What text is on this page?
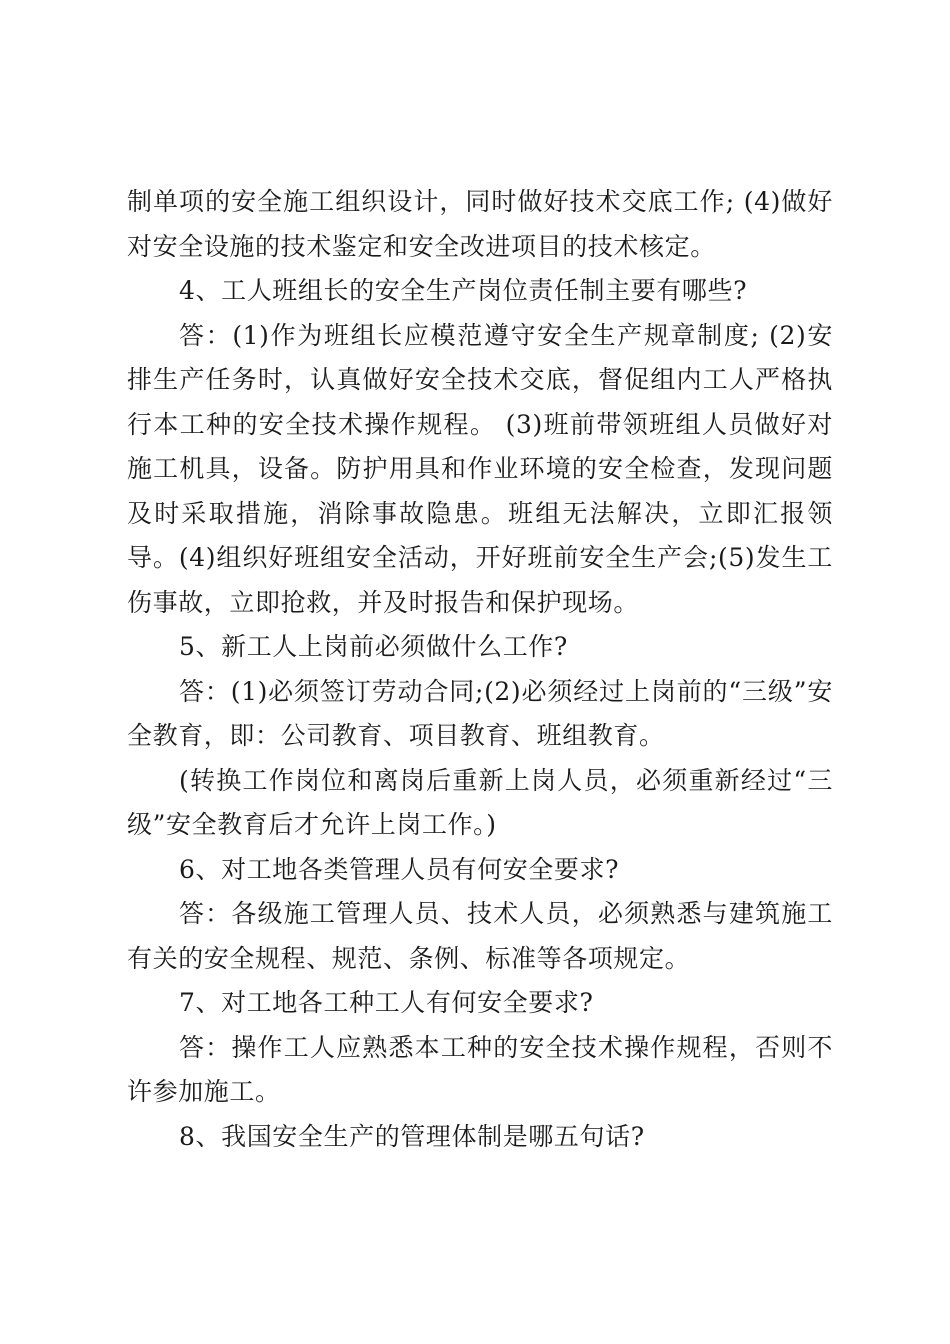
制单项的安全施工组织设计，同时做好技术交底工作; (4)做好对安全设施的技术鉴定和安全改进项目的技术核定。

4、工人班组长的安全生产岗位责任制主要有哪些?

答：(1)作为班组长应模范遵守安全生产规章制度; (2)安排生产任务时，认真做好安全技术交底，督促组内工人严格执行本工种的安全技术操作规程。 (3)班前带领班组人员做好对施工机具，设备。防护用具和作业环境的安全检查，发现问题及时采取措施，消除事故隐患。班组无法解决，立即汇报领导。(4)组织好班组安全活动，开好班前安全生产会;(5)发生工伤事故，立即抢救，并及时报告和保护现场。

5、新工人上岗前必须做什么工作?

答：(1)必须签订劳动合同;(2)必须经过上岗前的“三级”安全教育，即：公司教育、项目教育、班组教育。

(转换工作岗位和离岗后重新上岗人员，必须重新经过“三级”安全教育后才允许上岗工作。)

6、对工地各类管理人员有何安全要求?

答：各级施工管理人员、技术人员，必须熟悉与建筑施工有关的安全规程、规范、条例、标准等各项规定。

7、对工地各工种工人有何安全要求?

答：操作工人应熟悉本工种的安全技术操作规程，否则不许参加施工。

8、我国安全生产的管理体制是哪五句话?
